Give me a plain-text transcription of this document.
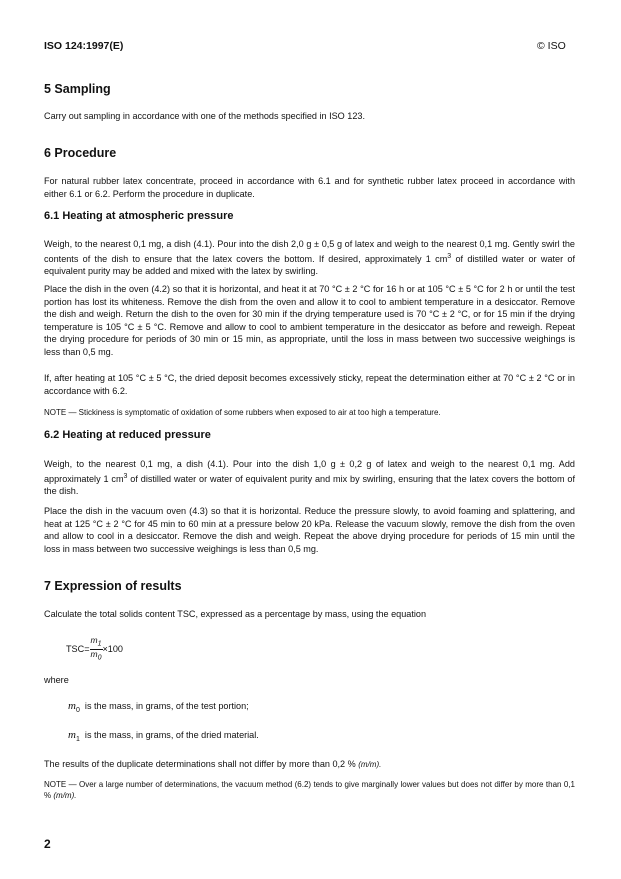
ISO 124:1997(E)	© ISO
5 Sampling

Carry out sampling in accordance with one of the methods specified in ISO 123.

6 Procedure

For natural rubber latex concentrate, proceed in accordance with 6.1 and for synthetic rubber latex proceed in accordance with either 6.1 or 6.2. Perform the procedure in duplicate.

6.1 Heating at atmospheric pressure

Weigh, to the nearest 0,1 mg, a dish (4.1). Pour into the dish 2,0 g ± 0,5 g of latex and weigh to the nearest 0,1 mg. Gently swirl the contents of the dish to ensure that the latex covers the bottom. If desired, approximately 1 $cm^3$ of distilled water or water of equivalent purity may be added and mixed with the latex by swirling.

Place the dish in the oven (4.2) so that it is horizontal, and heat it at 70 °C ± 2 °C for 16 h or at 105 °C ± 5 °C for 2 h or until the test portion has lost its whiteness. Remove the dish from the oven and allow it to cool to ambient temperature in a desiccator. Remove the dish and weigh. Return the dish to the oven for 30 min if the drying temperature used is 70 °C ± 2 °C, or for 15 min if the drying temperature is 105 °C ± 5 °C. Remove and allow to cool to ambient temperature in the desiccator as before and reweigh. Repeat the drying procedure for periods of 30 min or 15 min, as appropriate, until the loss in mass between two successive weighings is less than 0,5 mg.

If, after heating at 105 °C ± 5 °C, the dried deposit becomes excessively sticky, repeat the determination either at 70 °C ± 2 °C or in accordance with 6.2.

NOTE — Stickiness is symptomatic of oxidation of some rubbers when exposed to air at too high a temperature.

6.2 Heating at reduced pressure

Weigh, to the nearest 0,1 mg, a dish (4.1). Pour into the dish 1,0 g ± 0,2 g of latex and weigh to the nearest 0,1 mg. Add approximately 1 $cm^3$ of distilled water or water of equivalent purity and mix by swirling, ensuring that the latex covers the bottom of the dish.

Place the dish in the vacuum oven (4.3) so that it is horizontal. Reduce the pressure slowly, to avoid foaming and splattering, and heat at 125 °C ± 2 °C for 45 min to 60 min at a pressure below 20 kPa. Release the vacuum slowly, remove the dish from the oven and allow to cool in a desiccator. Remove the dish and weigh. Repeat the above drying procedure for periods of 15 min until the loss in mass between two successive weighings is less than 0,5 mg.

7 Expression of results

Calculate the total solids content TSC, expressed as a percentage by mass, using the equation

$TSC= \frac{m_1}{m_0} \times 100$
where
$m_0$ is the mass, in grams, of the test portion;
$m_1$ is the mass, in grams, of the dried material.

The results of the duplicate determinations shall not differ by more than 0,2 % (m/m).

NOTE — Over a large number of determinations, the vacuum method (6.2) tends to give marginally lower values but does not differ by more than 0,1 % (m/m).

2
